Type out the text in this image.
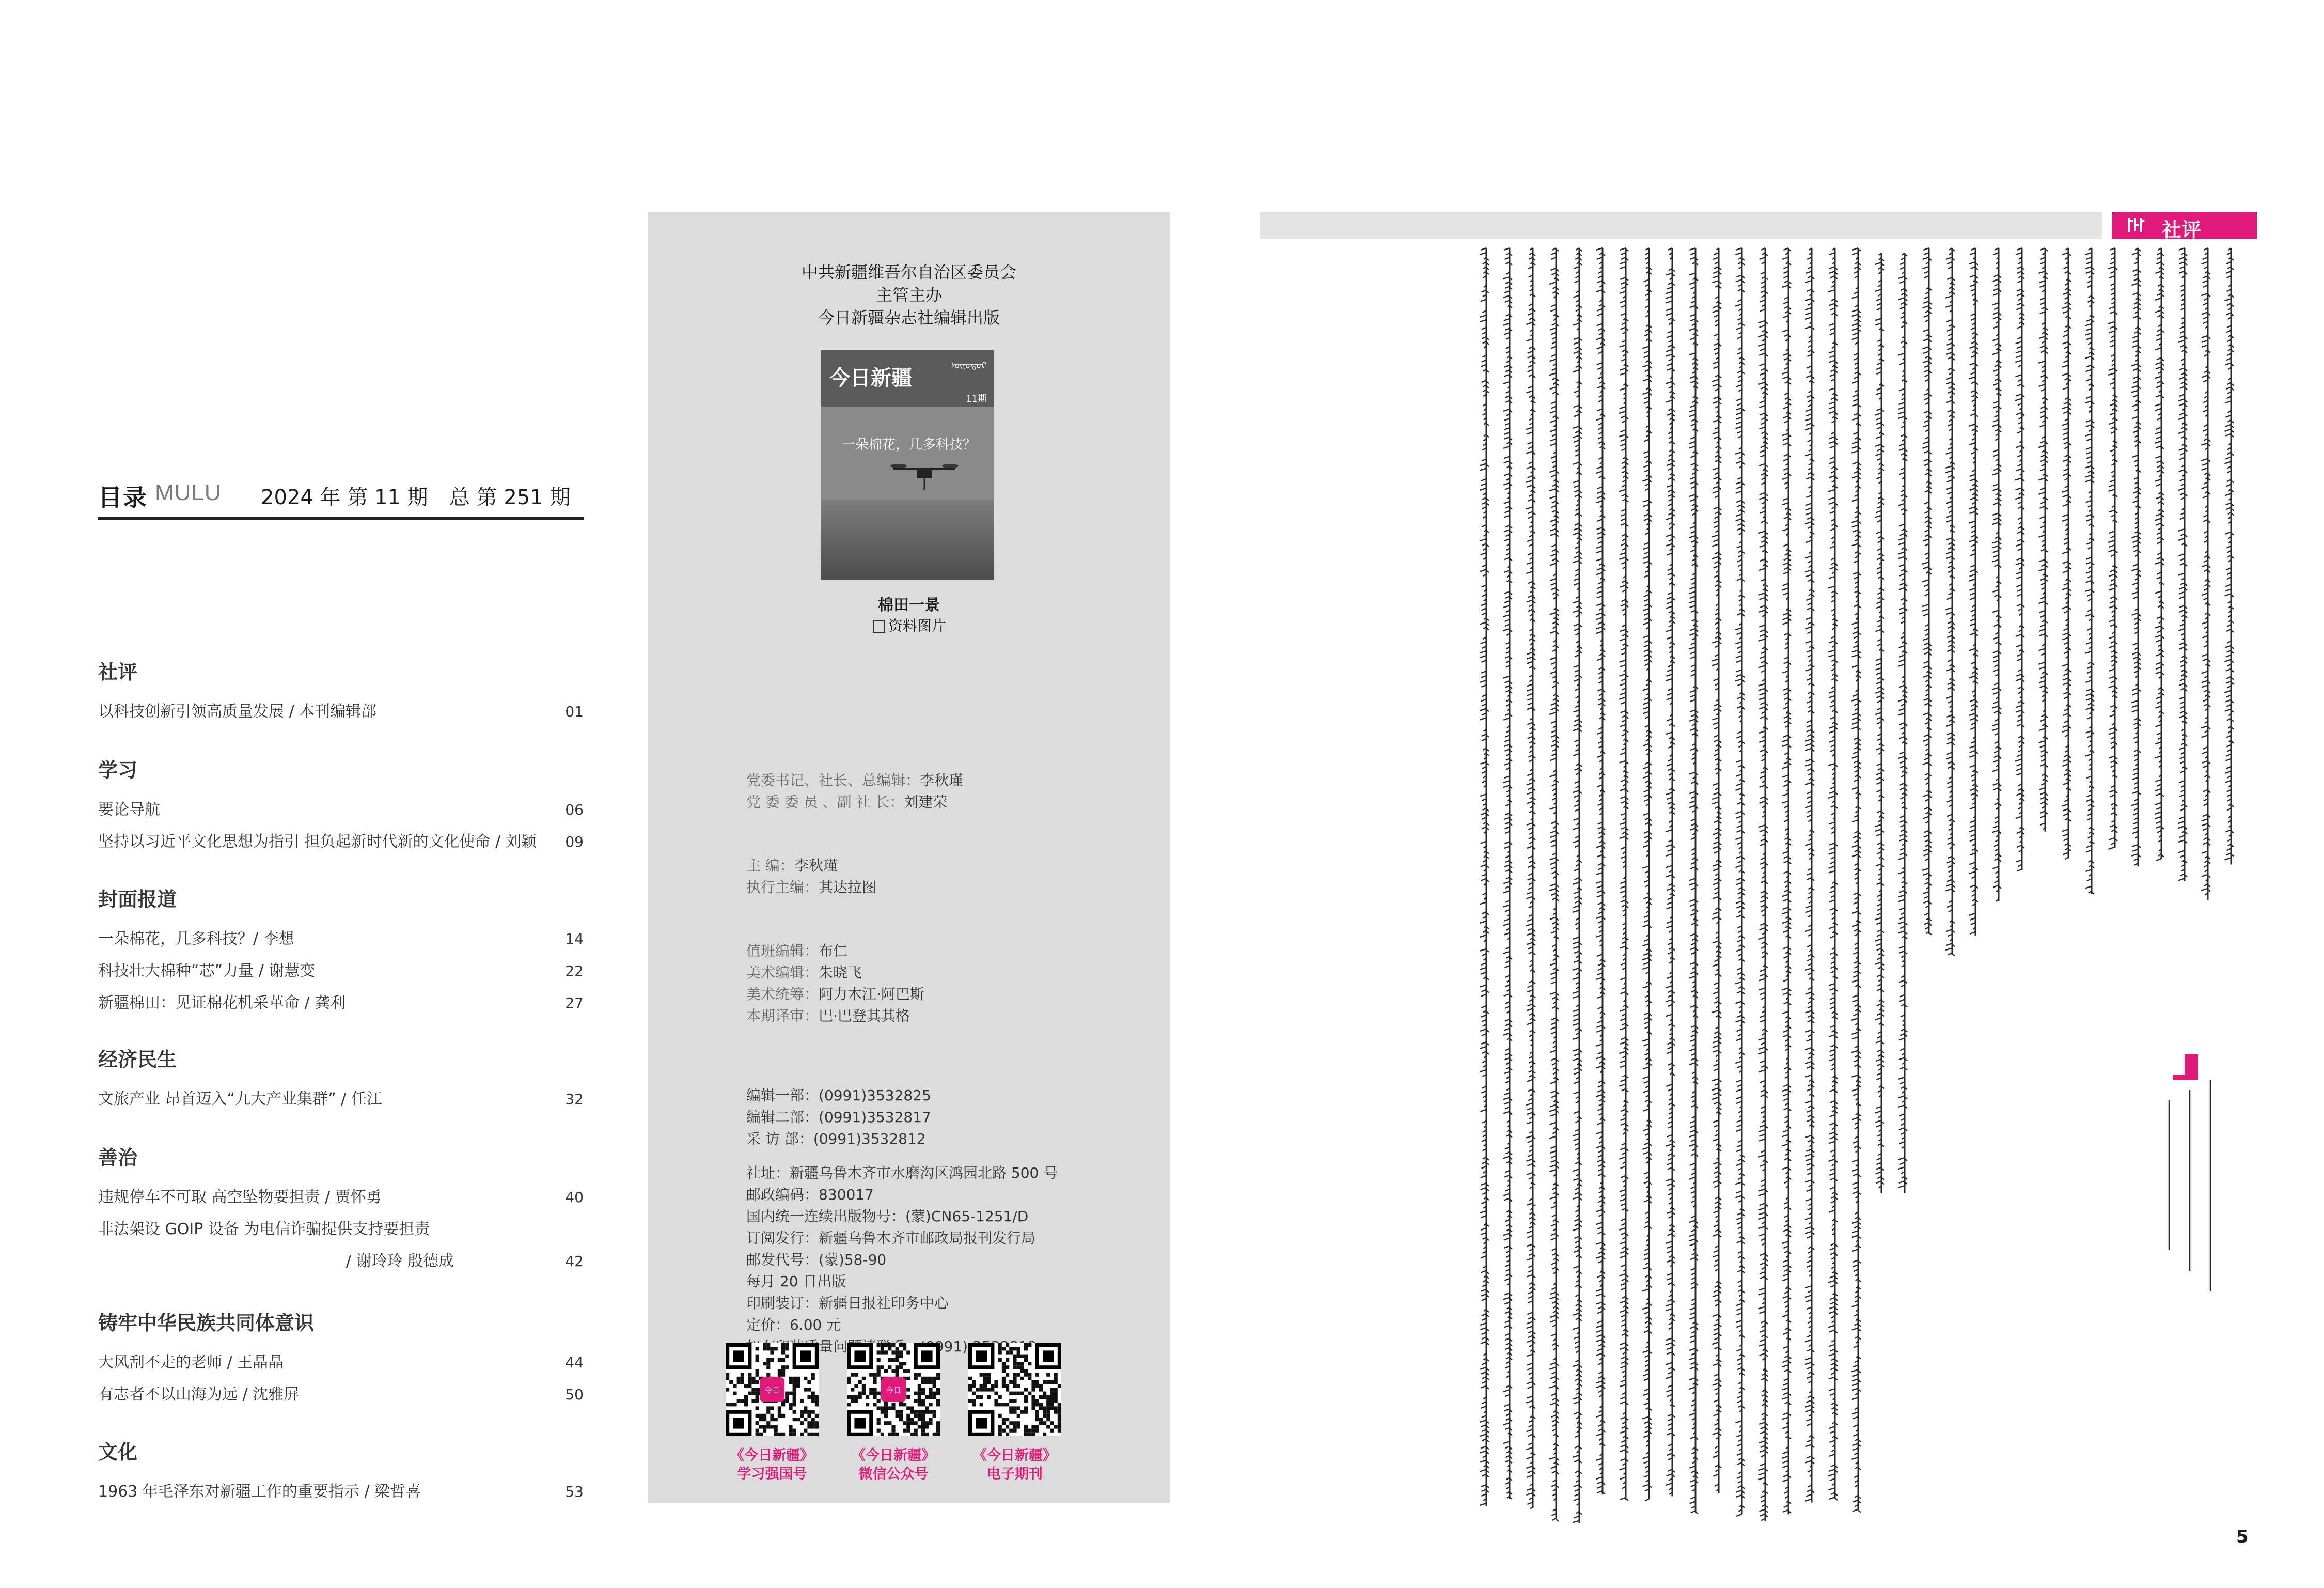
目录 MULU 2024 年 第 11 期 总 第 251 期
社评
以科技创新引领高质量发展 / 本刊编辑部	01
学习
要论导航	06
坚持以习近平文化思想为指引 担负起新时代新的文化使命 / 刘颖 09
封面报道
一朵棉花，几多科技？/ 李想	14
科技壮大棉种“芯”力量 / 谢慧变	22
新疆棉田：见证棉花机采革命 / 龚利	27
经济民生
文旅产业 昂首迈入“九大产业集群” / 任江	32
善治
违规停车不可取 高空坠物要担责 / 贾怀勇	40
非法架设 GOIP 设备 为电信诈骗提供支持要担责
/ 谢玲玲 殷德成	42
铸牢中华民族共同体意识
大风刮不走的老师 / 王晶晶	44
有志者不以山海为远 / 沈雅屏	50
文化
1963 年毛泽东对新疆工作的重要指示 / 梁哲喜	53
中共新疆维吾尔自治区委员会
主管主办
今日新疆杂志社编辑出版
今日新疆
ᠥᠨᠥᠳᠦᠷ
11期
一朵棉花，几多科技？
棉田一景
资料图片
党委书记、社长、总编辑：李秋瑾
党 委 委 员 、副 社 长：刘建荣
主 编：李秋瑾
执行主编：其达拉图
值班编辑：布仁
美术编辑：朱晓飞
美术统筹：阿力木江·阿巴斯
本期译审：巴·巴登其其格
编辑一部：(0991)3532825
编辑二部：(0991)3532817
采 访 部：(0991)3532812
社址：新疆乌鲁木齐市水磨沟区鸿园北路 500 号
邮政编码：830017
国内统一连续出版物号：(蒙)CN65-1251/D
订阅发行：新疆乌鲁木齐市邮政局报刊发行局
邮发代号：(蒙)58-90
每月 20 日出版
印刷装订：新疆日报社印务中心
定价：6.00 元
今日	今日
《今日新疆》
学习强国号
《今日新疆》
微信公众号
《今日新疆》
电子期刊
社评
5
